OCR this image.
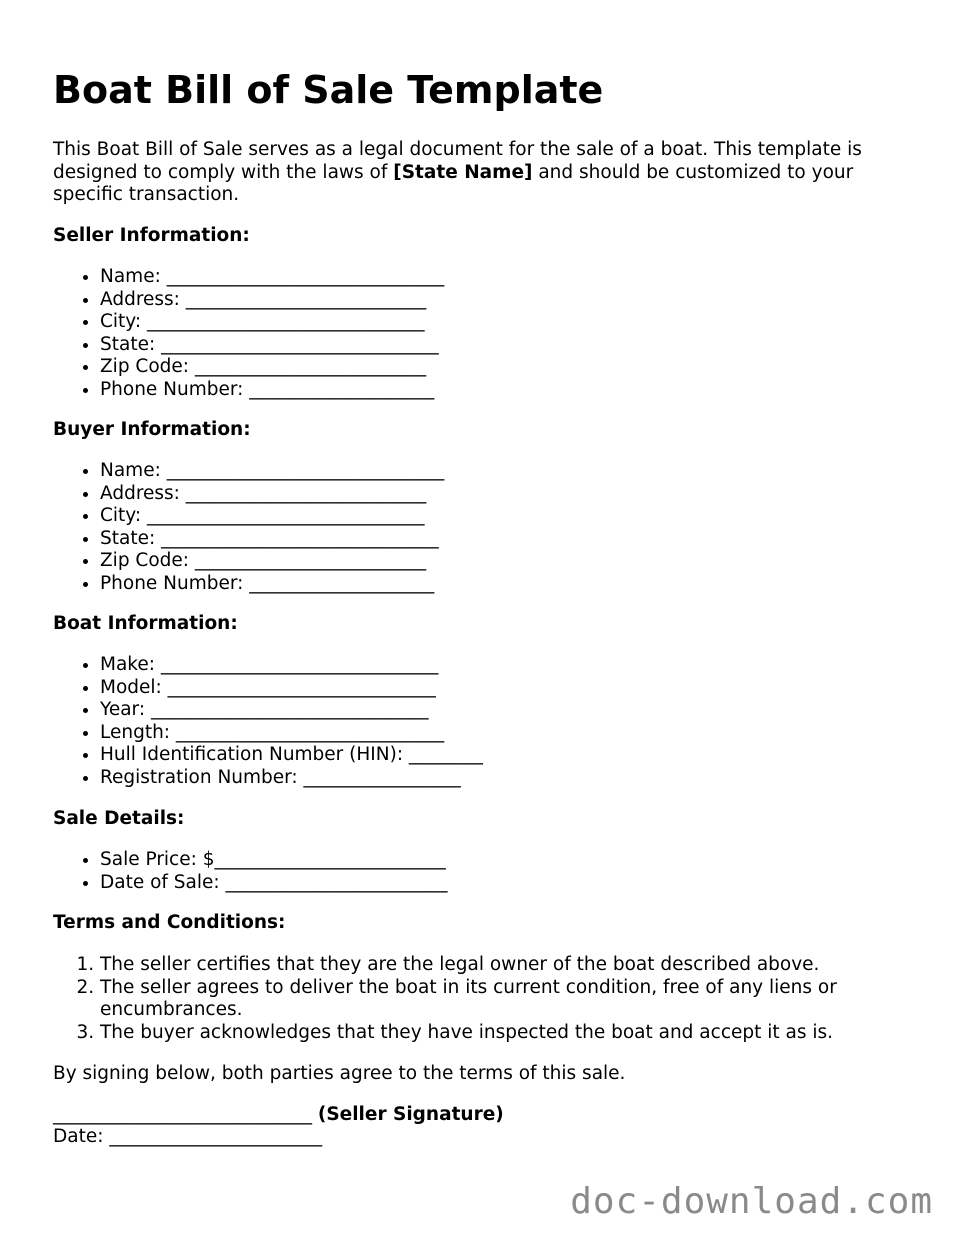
Boat Bill of Sale Template

This Boat Bill of Sale serves as a legal document for the sale of a boat. This template is designed to comply with the laws of [State Name] and should be customized to your specific transaction.

Seller Information:

• Name: ______________________________
• Address: __________________________
• City: ______________________________
• State: ______________________________
• Zip Code: _________________________
• Phone Number: ____________________

Buyer Information:

• Name: ______________________________
• Address: __________________________
• City: ______________________________
• State: ______________________________
• Zip Code: _________________________
• Phone Number: ____________________

Boat Information:

• Make: ______________________________
• Model: _____________________________
• Year: ______________________________
• Length: _____________________________
• Hull Identification Number (HIN): ________
• Registration Number: _________________

Sale Details:

• Sale Price: $_________________________
• Date of Sale: ________________________

Terms and Conditions:

1. The seller certifies that they are the legal owner of the boat described above.
2. The seller agrees to deliver the boat in its current condition, free of any liens or encumbrances.
3. The buyer acknowledges that they have inspected the boat and accept it as is.

By signing below, both parties agree to the terms of this sale.

____________________________ (Seller Signature)

Date: _______________________

doc-download.com
